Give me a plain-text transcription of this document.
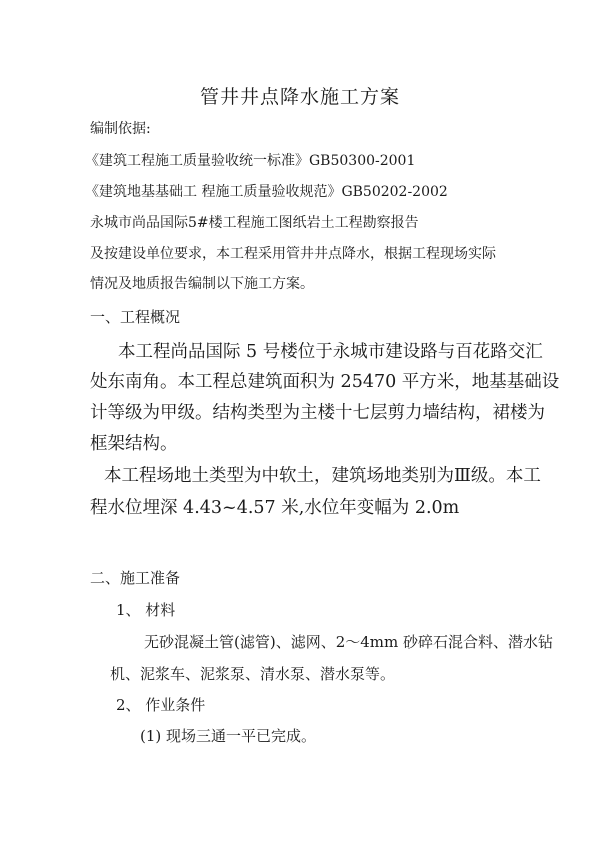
管井井点降水施工方案

编制依据:

《建筑工程施工质量验收统一标准》GB50300-2001

《建筑地基基础工 程施工质量验收规范》GB50202-2002

永城市尚品国际5#楼工程施工图纸岩土工程勘察报告

及按建设单位要求，本工程采用管井井点降水，根据工程现场实际

情况及地质报告编制以下施工方案。

一、工程概况

本工程尚品国际 5 号楼位于永城市建设路与百花路交汇

处东南角。本工程总建筑面积为 25470 平方米，地基基础设

计等级为甲级。结构类型为主楼十七层剪力墙结构，裙楼为

框架结构。

本工程场地土类型为中软土，建筑场地类别为Ⅲ级。本工

程水位埋深 4.43~4.57 米,水位年变幅为 2.0m

二、施工准备

1、 材料

无砂混凝土管(滤管)、滤网、2～4mm 砂碎石混合料、潜水钻

机、泥浆车、泥浆泵、清水泵、潜水泵等。

2、 作业条件

(1) 现场三通一平已完成。
